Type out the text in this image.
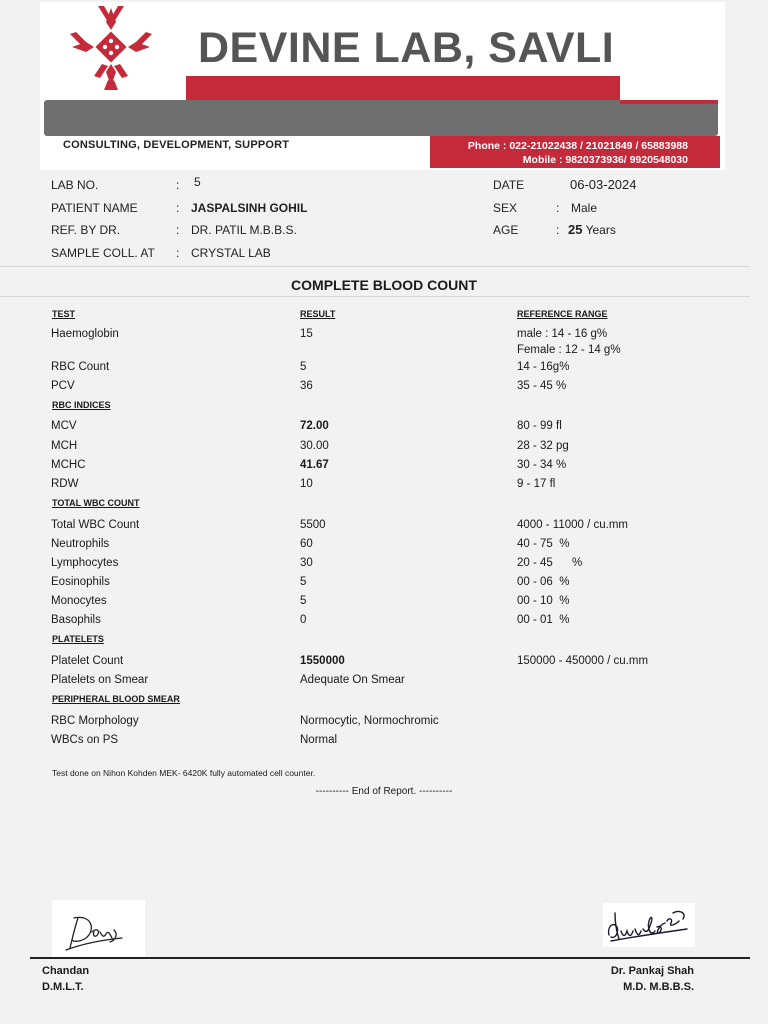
DEVINE LAB, SAVLI
CONSULTING, DEVELOPMENT, SUPPORT	Phone : 022-21022438 / 21021849 / 65883988
Mobile : 9820373936/ 9920548030
LAB NO.	: 5
PATIENT NAME	: JASPALSINH GOHIL
REF. BY DR.	: DR. PATIL M.B.B.S.
SAMPLE COLL. AT : CRYSTAL LAB
DATE	06-03-2024
SEX	: Male
AGE	: 25 Years
COMPLETE BLOOD COUNT
TEST	RESULT	REFERENCE RANGE
Haemoglobin	15	male : 14 - 16 g%
Female : 12 - 14 g%
RBC Count	5	14 - 16g%
PCV	36	35 - 45 %
RBC INDICES
MCV	72.00	80 - 99 fl
MCH	30.00	28 - 32 pg
MCHC	41.67	30 - 34 %
RDW	10	9 - 17 fl
TOTAL WBC COUNT
Total WBC Count	5500	4000 - 11000 / cu.mm
Neutrophils	60	40 - 75  %
Lymphocytes	30	20 - 45      %
Eosinophils	5	00 - 06  %
Monocytes	5	00 - 10  %
Basophils	0	00 - 01  %
PLATELETS
Platelet Count	1550000	150000 - 450000 / cu.mm
Platelets on Smear	Adequate On Smear
PERIPHERAL BLOOD SMEAR
RBC Morphology	Normocytic, Normochromic
WBCs on PS	Normal
Test done on Nihon Kohden MEK- 6420K fully automated cell counter.
---------- End of Report. ----------
Chandan
D.M.L.T.
Dr. Pankaj Shah
M.D. M.B.B.S.
